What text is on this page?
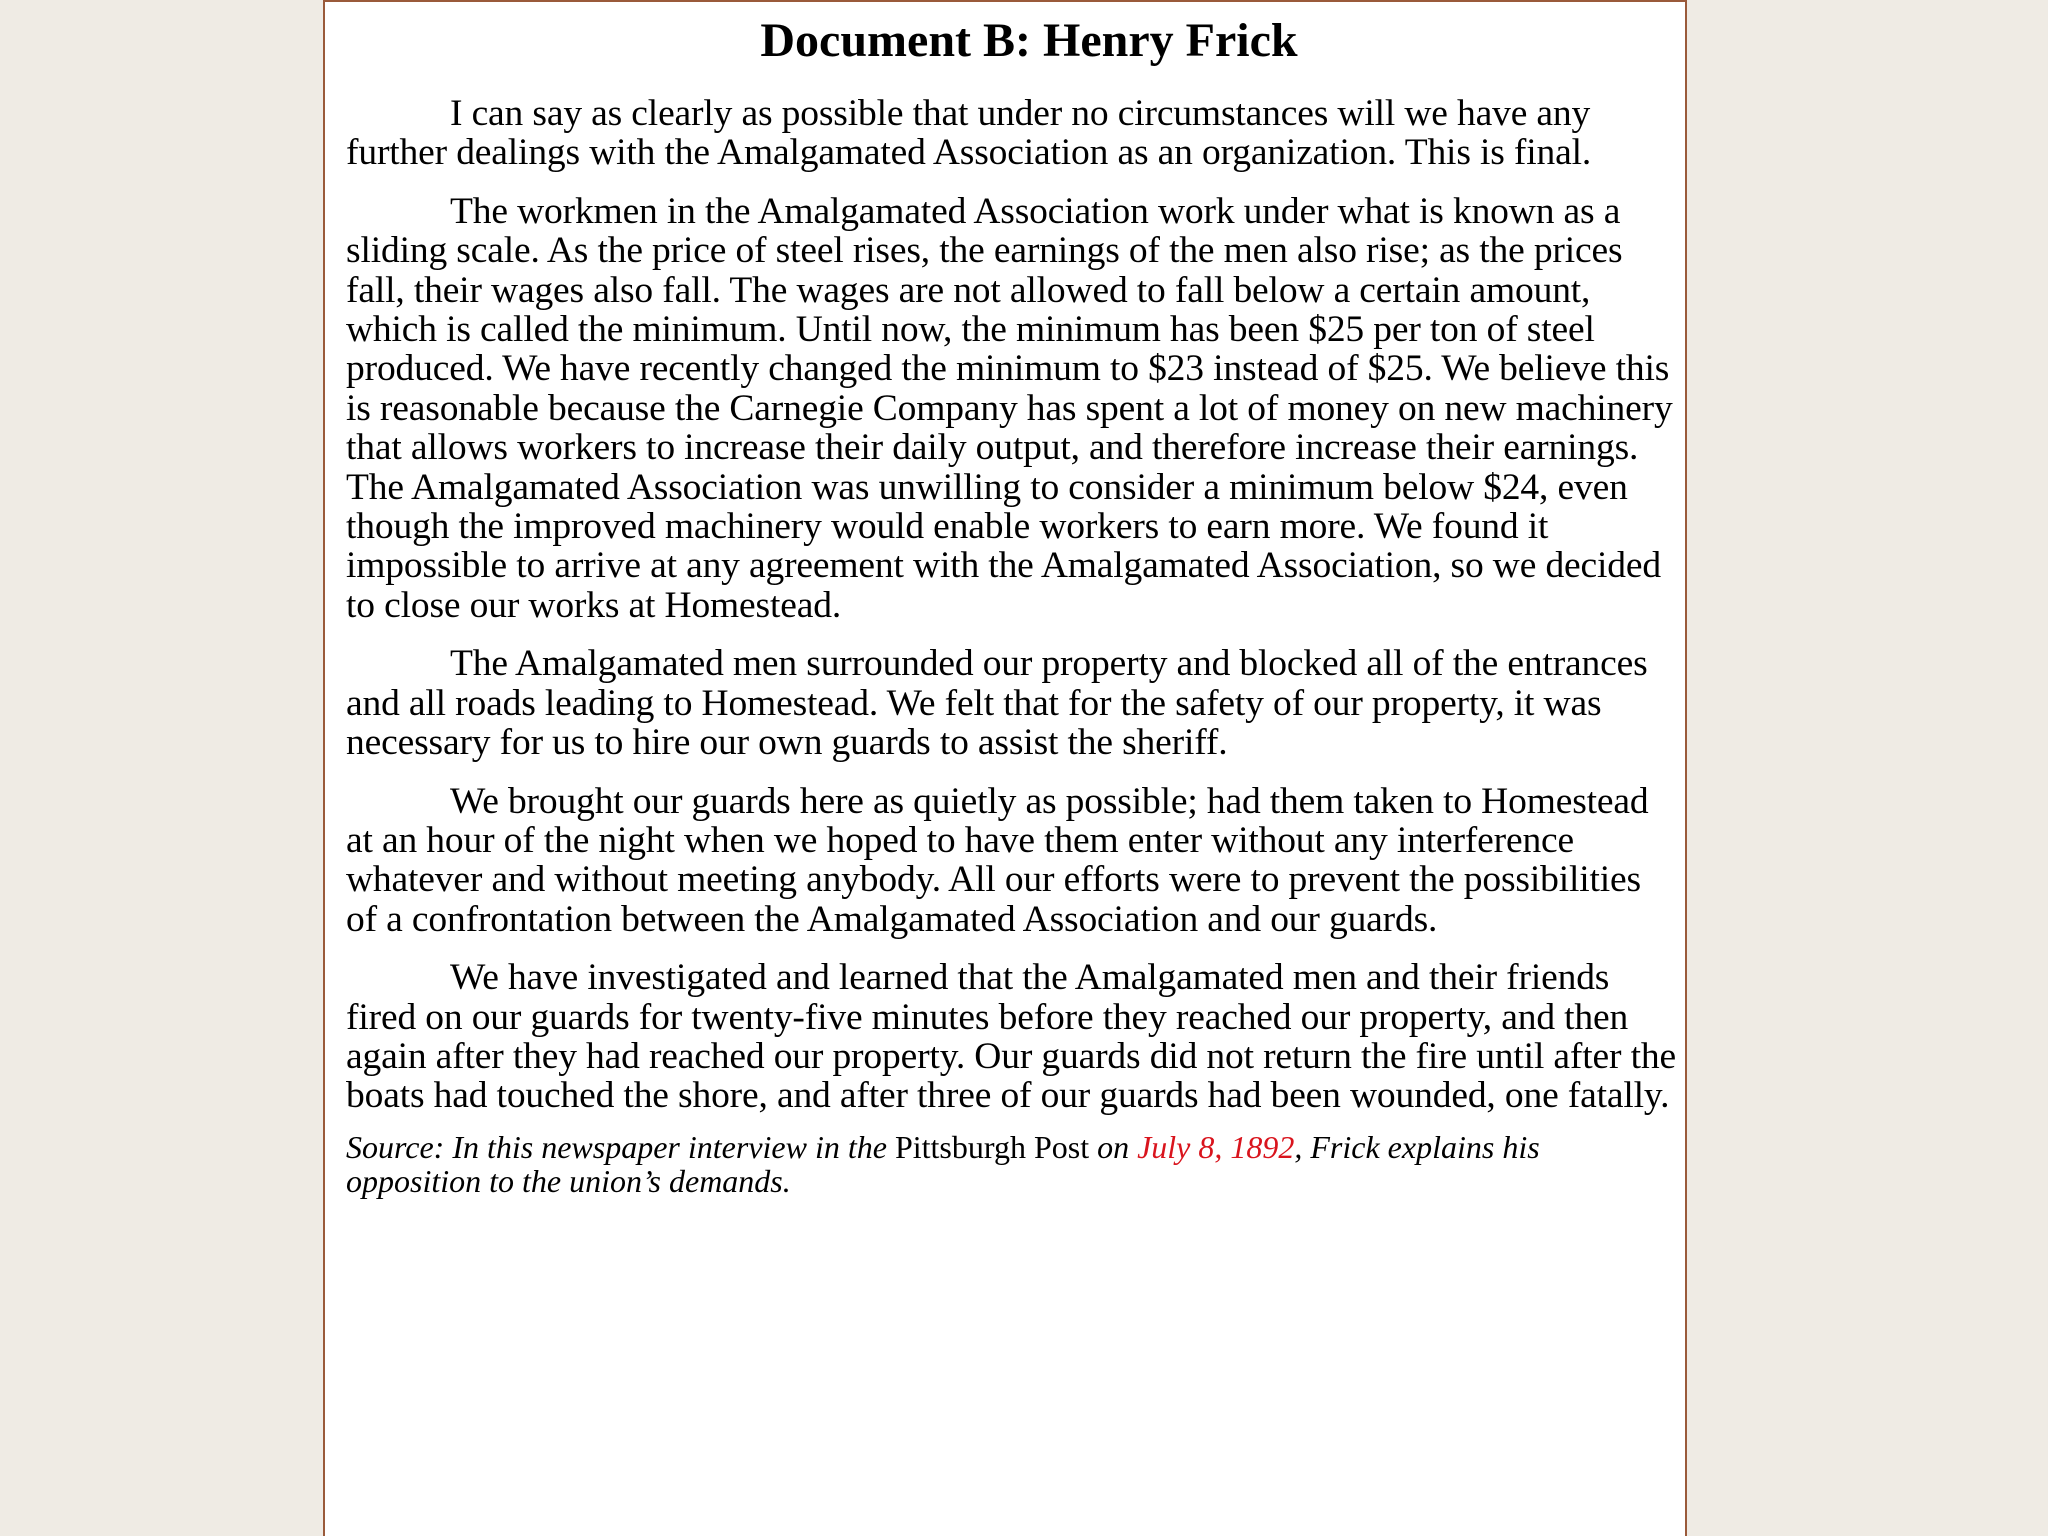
Document B: Henry Frick

I can say as clearly as possible that under no circumstances will we have any further dealings with the Amalgamated Association as an organization. This is final.

The workmen in the Amalgamated Association work under what is known as a sliding scale. As the price of steel rises, the earnings of the men also rise; as the prices fall, their wages also fall. The wages are not allowed to fall below a certain amount, which is called the minimum. Until now, the minimum has been $25 per ton of steel produced. We have recently changed the minimum to $23 instead of $25. We believe this is reasonable because the Carnegie Company has spent a lot of money on new machinery that allows workers to increase their daily output, and therefore increase their earnings. The Amalgamated Association was unwilling to consider a minimum below $24, even though the improved machinery would enable workers to earn more. We found it impossible to arrive at any agreement with the Amalgamated Association, so we decided to close our works at Homestead.

The Amalgamated men surrounded our property and blocked all of the entrances and all roads leading to Homestead. We felt that for the safety of our property, it was necessary for us to hire our own guards to assist the sheriff.

We brought our guards here as quietly as possible; had them taken to Homestead at an hour of the night when we hoped to have them enter without any interference whatever and without meeting anybody. All our efforts were to prevent the possibilities of a confrontation between the Amalgamated Association and our guards.

We have investigated and learned that the Amalgamated men and their friends fired on our guards for twenty-five minutes before they reached our property, and then again after they had reached our property. Our guards did not return the fire until after the boats had touched the shore, and after three of our guards had been wounded, one fatally.

Source: In this newspaper interview in the Pittsburgh Post on July 8, 1892, Frick explains his opposition to the union’s demands.
